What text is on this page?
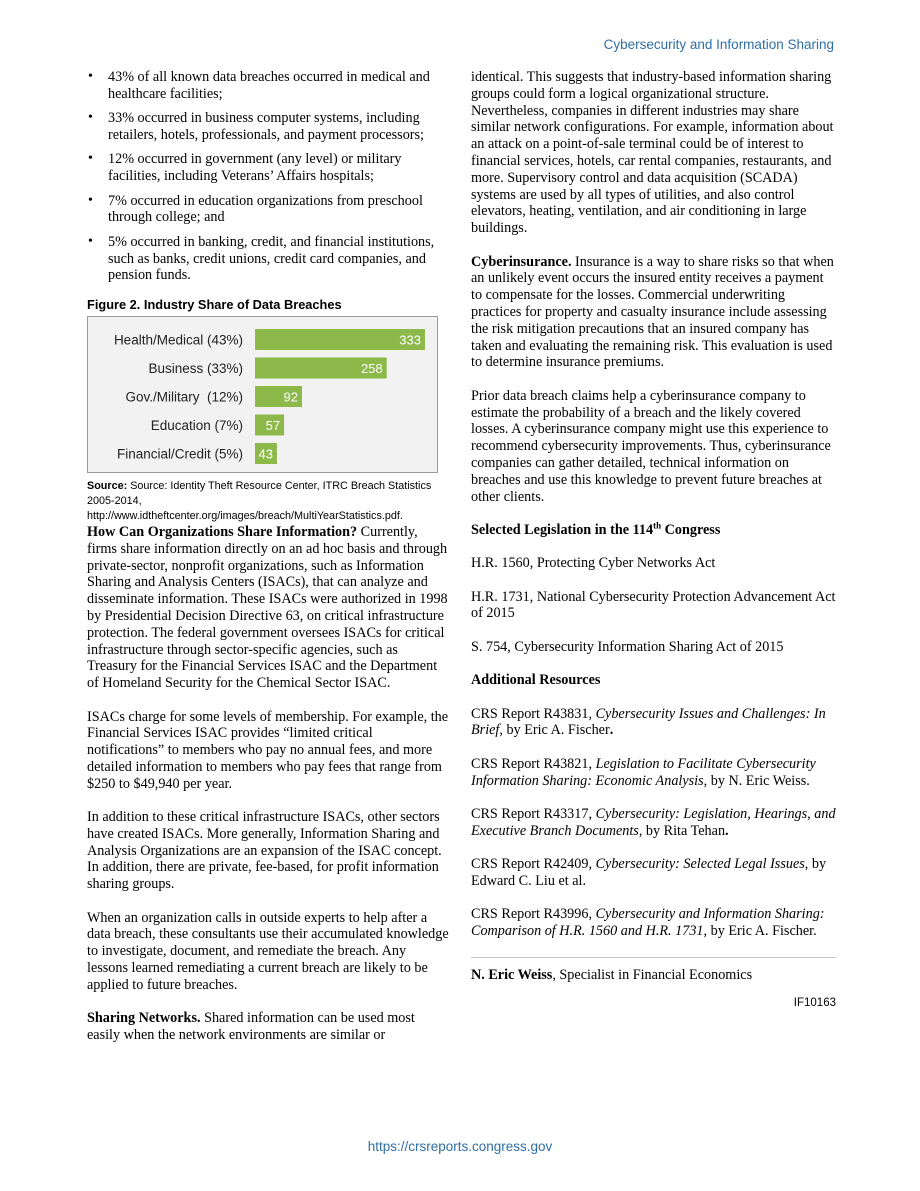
Cybersecurity and Information Sharing
• 43% of all known data breaches occurred in medical and healthcare facilities;
• 33% occurred in business computer systems, including retailers, hotels, professionals, and payment processors;
• 12% occurred in government (any level) or military facilities, including Veterans’ Affairs hospitals;
• 7% occurred in education organizations from preschool through college; and
• 5% occurred in banking, credit, and financial institutions, such as banks, credit unions, credit card companies, and pension funds.
Figure 2. Industry Share of Data Breaches
Health/Medical (43%)	333
Business (33%)	258
Gov./Military  (12%)	92
Education (7%) 57
Financial/Credit (5%) 43

Source: Source: Identity Theft Resource Center, ITRC Breach Statistics 2005-2014, http://www.idtheftcenter.org/images/breach/MultiYearStatistics.pdf.

How Can Organizations Share Information? Currently, firms share information directly on an ad hoc basis and through private-sector, nonprofit organizations, such as Information Sharing and Analysis Centers (ISACs), that can analyze and disseminate information. These ISACs were authorized in 1998 by Presidential Decision Directive 63, on critical infrastructure protection. The federal government oversees ISACs for critical infrastructure through sector-specific agencies, such as Treasury for the Financial Services ISAC and the Department of Homeland Security for the Chemical Sector ISAC.

ISACs charge for some levels of membership. For example, the Financial Services ISAC provides “limited critical notifications” to members who pay no annual fees, and more detailed information to members who pay fees that range from $250 to $49,940 per year.

In addition to these critical infrastructure ISACs, other sectors have created ISACs. More generally, Information Sharing and Analysis Organizations are an expansion of the ISAC concept. In addition, there are private, fee-based, for profit information sharing groups.

When an organization calls in outside experts to help after a data breach, these consultants use their accumulated knowledge to investigate, document, and remediate the breach. Any lessons learned remediating a current breach are likely to be applied to future breaches.

Sharing Networks. Shared information can be used most easily when the network environments are similar or

identical. This suggests that industry-based information sharing groups could form a logical organizational structure. Nevertheless, companies in different industries may share similar network configurations. For example, information about an attack on a point-of-sale terminal could be of interest to financial services, hotels, car rental companies, restaurants, and more. Supervisory control and data acquisition (SCADA) systems are used by all types of utilities, and also control elevators, heating, ventilation, and air conditioning in large buildings.

Cyberinsurance. Insurance is a way to share risks so that when an unlikely event occurs the insured entity receives a payment to compensate for the losses. Commercial underwriting practices for property and casualty insurance include assessing the risk mitigation precautions that an insured company has taken and evaluating the remaining risk. This evaluation is used to determine insurance premiums.

Prior data breach claims help a cyberinsurance company to estimate the probability of a breach and the likely covered losses. A cyberinsurance company might use this experience to recommend cybersecurity improvements. Thus, cyberinsurance companies can gather detailed, technical information on breaches and use this knowledge to prevent future breaches at other clients.

Selected Legislation in the 114th Congress

H.R. 1560, Protecting Cyber Networks Act

H.R. 1731, National Cybersecurity Protection Advancement Act of 2015

S. 754, Cybersecurity Information Sharing Act of 2015

Additional Resources

CRS Report R43831, Cybersecurity Issues and Challenges: In Brief, by Eric A. Fischer.

CRS Report R43821, Legislation to Facilitate Cybersecurity Information Sharing: Economic Analysis, by N. Eric Weiss.

CRS Report R43317, Cybersecurity: Legislation, Hearings, and Executive Branch Documents, by Rita Tehan.

CRS Report R42409, Cybersecurity: Selected Legal Issues, by Edward C. Liu et al.

CRS Report R43996, Cybersecurity and Information Sharing: Comparison of H.R. 1560 and H.R. 1731, by Eric A. Fischer.

N. Eric Weiss, Specialist in Financial Economics
IF10163
https://crsreports.congress.gov
